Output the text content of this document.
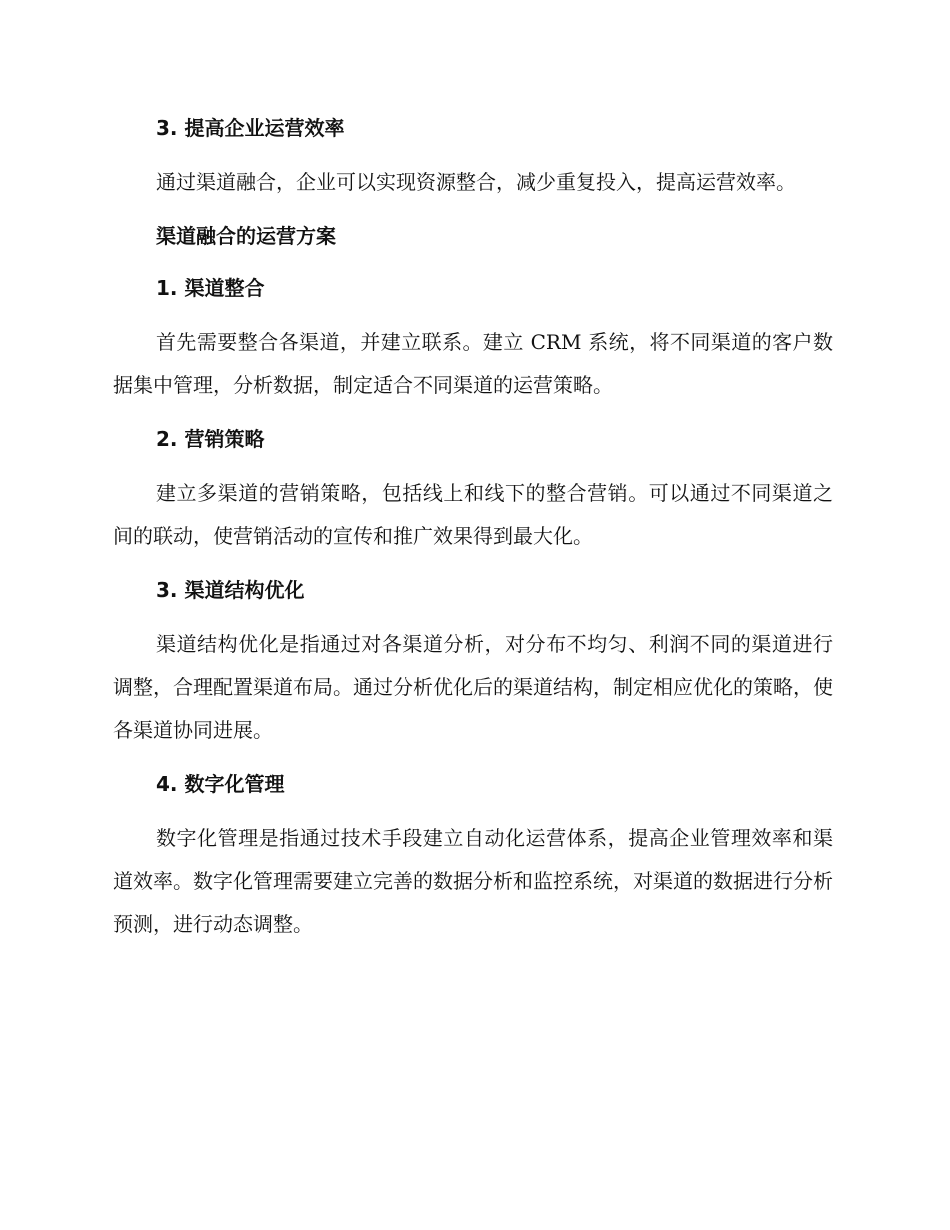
3. 提高企业运营效率

通过渠道融合，企业可以实现资源整合，减少重复投入，提高运营效率。

渠道融合的运营方案
1. 渠道整合

首先需要整合各渠道，并建立联系。建立 CRM 系统，将不同渠道的客户数据集中管理，分析数据，制定适合不同渠道的运营策略。

2. 营销策略

建立多渠道的营销策略，包括线上和线下的整合营销。可以通过不同渠道之间的联动，使营销活动的宣传和推广效果得到最大化。

3. 渠道结构优化

渠道结构优化是指通过对各渠道分析，对分布不均匀、利润不同的渠道进行调整，合理配置渠道布局。通过分析优化后的渠道结构，制定相应优化的策略，使各渠道协同进展。

4. 数字化管理

数字化管理是指通过技术手段建立自动化运营体系，提高企业管理效率和渠道效率。数字化管理需要建立完善的数据分析和监控系统，对渠道的数据进行分析预测，进行动态调整。
